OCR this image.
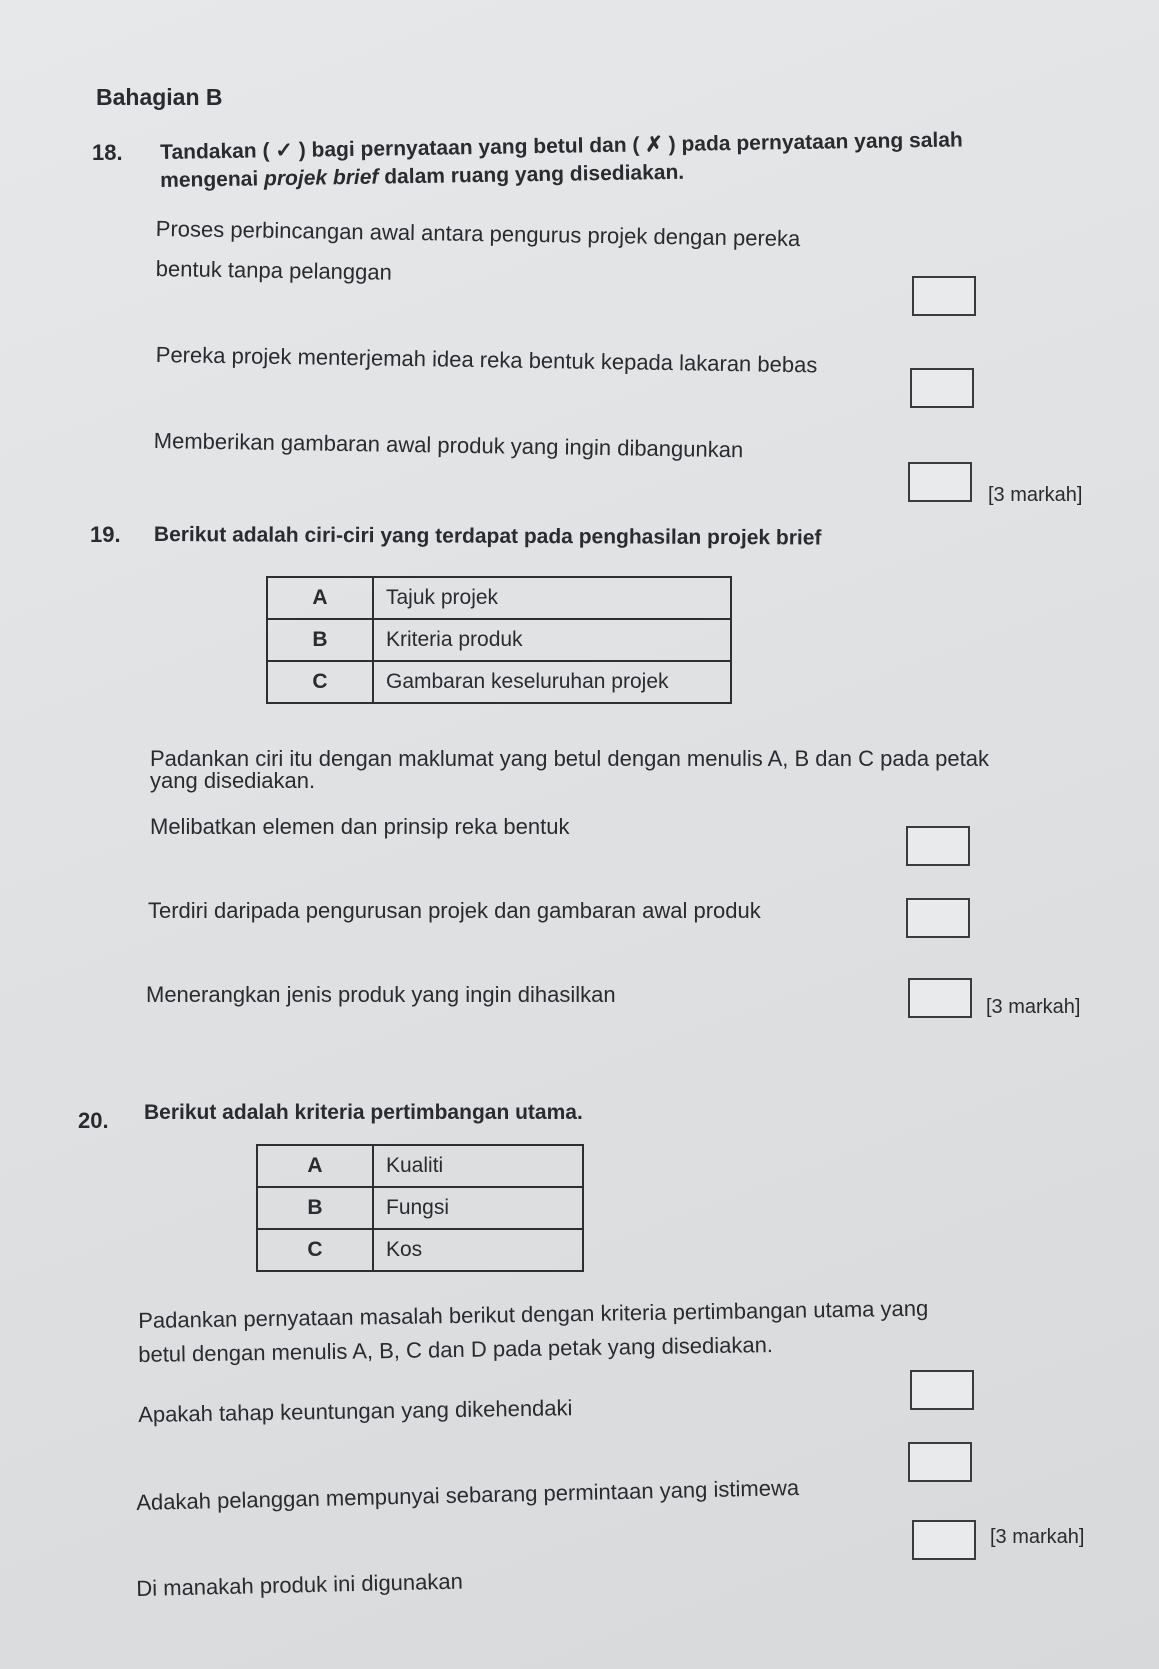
Bahagian B
18. Tandakan ( ✓ ) bagi pernyataan yang betul dan ( ✗ ) pada pernyataan yang salah
mengenai projek brief dalam ruang yang disediakan.
Proses perbincangan awal antara pengurus projek dengan pereka
bentuk tanpa pelanggan
Pereka projek menterjemah idea reka bentuk kepada lakaran bebas
Memberikan gambaran awal produk yang ingin dibangunkan
[3 markah]
19. Berikut adalah ciri-ciri yang terdapat pada penghasilan projek brief
A	Tajuk projek
B	Kriteria produk
C	Gambaran keseluruhan projek
Padankan ciri itu dengan maklumat yang betul dengan menulis A, B dan C pada petak
yang disediakan.
Melibatkan elemen dan prinsip reka bentuk
Terdiri daripada pengurusan projek dan gambaran awal produk
Menerangkan jenis produk yang ingin dihasilkan	[3 markah]
20. Berikut adalah kriteria pertimbangan utama.
A	Kualiti
B	Fungsi
C	Kos
Padankan pernyataan masalah berikut dengan kriteria pertimbangan utama yang
betul dengan menulis A, B, C dan D pada petak yang disediakan.
Apakah tahap keuntungan yang dikehendaki
Adakah pelanggan mempunyai sebarang permintaan yang istimewa
[3 markah]
Di manakah produk ini digunakan
